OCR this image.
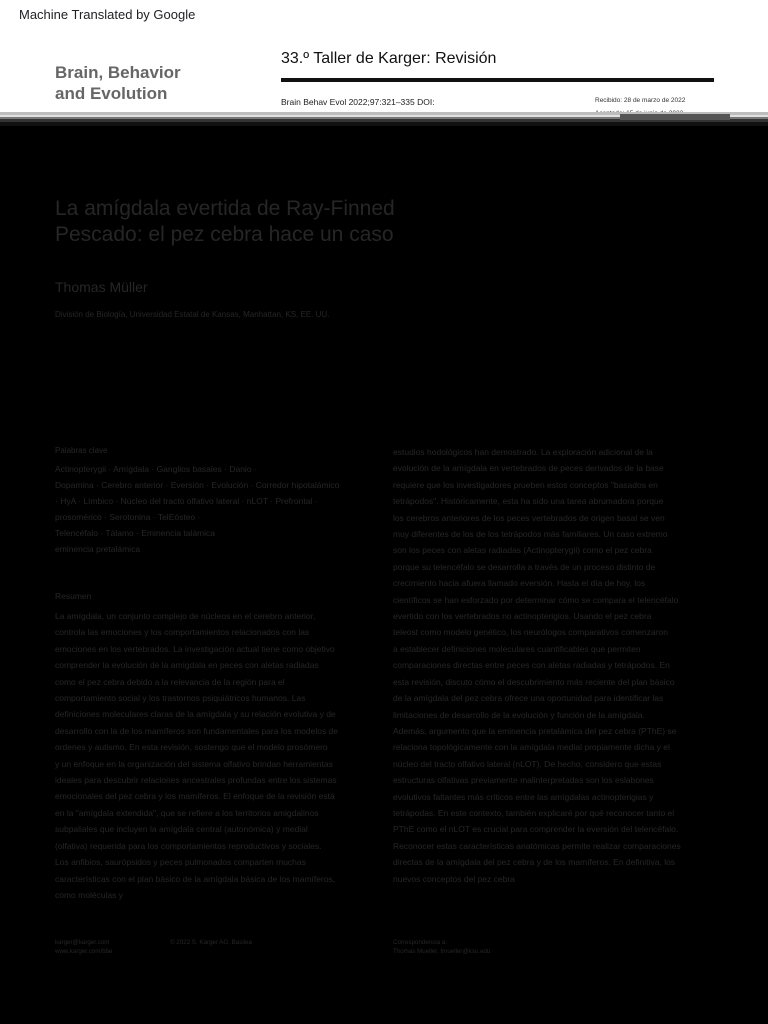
Machine Translated by Google
Brain, Behavior
and Evolution
33.º Taller de Karger: Revisión
Brain Behav Evol 2022;97:321–335 DOI:	Recibido: 28 de marzo de 2022
La amígdala evertida de Ray-Finned
Pescado: el pez cebra hace un caso
Thomas Müller
División de Biología, Universidad Estatal de Kansas, Manhattan, KS, EE. UU.
Palabras clave
Actinopterygii · Amígdala · Ganglios basales · Danio ·
Dopamina · Cerebro anterior · Eversión · Evolución · Corredor hipotalámico
· HyA · Límbico · Núcleo del tracto olfativo lateral · nLOT · Prefrontal ·
prosomérico · Serotonina · TelEósteo ·
Telencéfalo · Tálamo · Eminencia talámica
eminencia pretalámica
Resumen
La amígdala, un conjunto complejo de núcleos en el cerebro anterior,
controla las emociones y los comportamientos relacionados con las
emociones en los vertebrados. La investigación actual tiene como objetivo
comprender la evolución de la amígdala en peces con aletas radiadas
como el pez cebra debido a la relevancia de la región para el
comportamiento social y los trastornos psiquiátricos humanos. Las
definiciones moleculares claras de la amígdala y su relación evolutiva y de
desarrollo con la de los mamíferos son fundamentales para los modelos de
ordenes y autismo. En esta revisión, sostengo que el modelo prosómero
y un enfoque en la organización del sistema olfativo brindan herramientas
ideales para descubrir relaciones ancestrales profundas entre los sistemas
emocionales del pez cebra y los mamíferos. El enfoque de la revisión está
en la "amígdala extendida", que se refiere a los territorios amigdalinos
subpaliales que incluyen la amígdala central (autonómica) y medial
(olfativa) requerida para los comportamientos reproductivos y sociales.
Los anfibios, saurópsidos y peces pulmonados comparten muchas
características con el plan básico de la amígdala básica de los mamíferos,
como moléculas y
estudios hodológicos han demostrado. La exploración adicional de la
evolución de la amígdala en vertebrados de peces derivados de la base
requiere que los investigadores prueben estos conceptos "basados en
tetrápodos". Históricamente, esta ha sido una tarea abrumadora porque
los cerebros anteriores de los peces vertebrados de origen basal se ven
muy diferentes de los de los tetrápodos más familiares. Un caso extremo
son los peces con aletas radiadas (Actinopterygii) como el pez cebra
porque su telencéfalo se desarrolla a través de un proceso distinto de
crecimiento hacia afuera llamado eversión. Hasta el día de hoy, los
científicos se han esforzado por determinar cómo se compara el telencéfalo
evertido con los vertebrados no actinopterigios. Usando el pez cebra
teleost como modelo genético, los neurólogos comparativos comenzaron
a establecer definiciones moleculares cuantificables que permiten
comparaciones directas entre peces con aletas radiadas y tetrápodos. En
esta revisión, discuto cómo el descubrimiento más reciente del plan básico
de la amígdala del pez cebra ofrece una oportunidad para identificar las
limitaciones de desarrollo de la evolución y función de la amígdala.
Además, argumento que la eminencia pretalámica del pez cebra (PThE) se
relaciona topológicamente con la amígdala medial propiamente dicha y el
núcleo del tracto olfativo lateral (nLOT). De hecho, considero que estas
estructuras olfativas previamente malinterpretadas son los eslabones
evolutivos faltantes más críticos entre las amígdalas actinopterigias y
tetrápodas. En este contexto, también explicaré por qué reconocer tanto el
PThE como el nLOT es crucial para comprender la eversión del telencéfalo.
Reconocer estas características anatómicas permite realizar comparaciones
directas de la amígdala del pez cebra y de los mamíferos. En definitiva, los
nuevos conceptos del pez cebra
karger@karger.com
www.karger.com/bbe
© 2022 S. Karger AG, Basilea	Correspondencia a:
Thomas Mueller, tmueller@ksu.edu
